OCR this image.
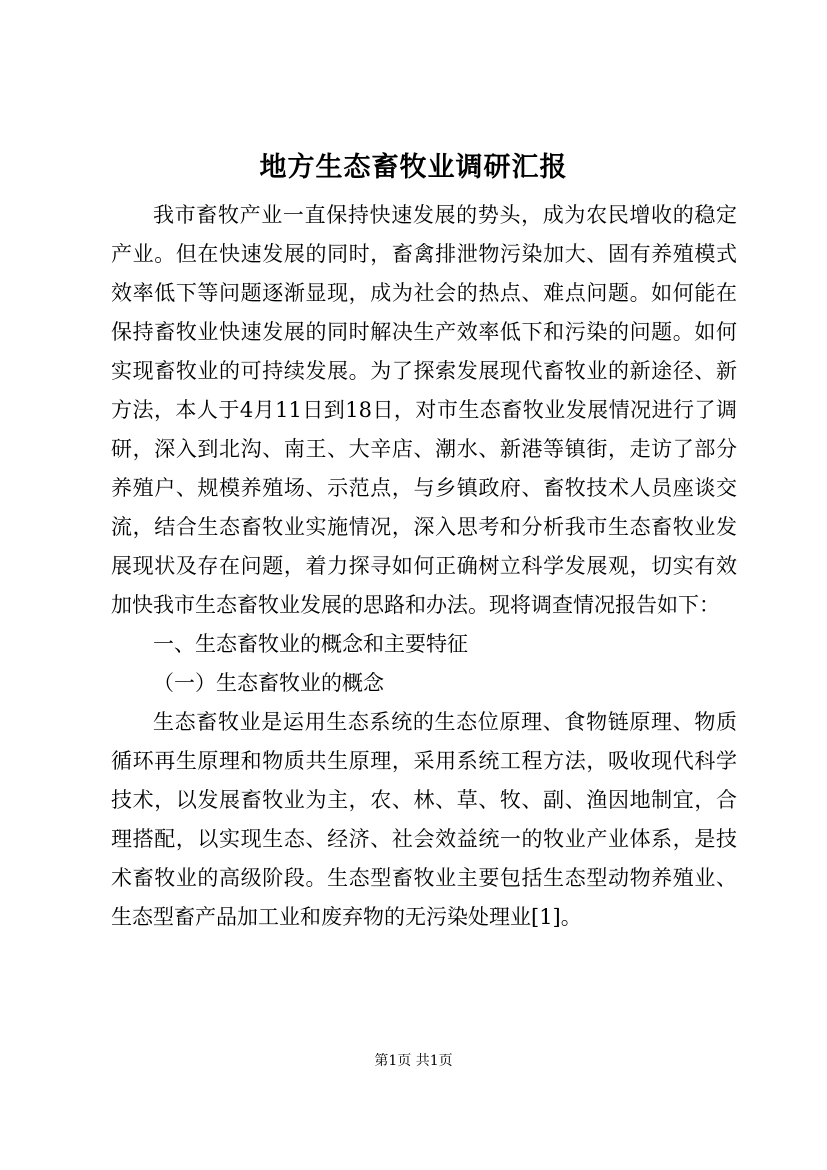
地方生态畜牧业调研汇报

我市畜牧产业一直保持快速发展的势头，成为农民增收的稳定产业。但在快速发展的同时，畜禽排泄物污染加大、固有养殖模式效率低下等问题逐渐显现，成为社会的热点、难点问题。如何能在保持畜牧业快速发展的同时解决生产效率低下和污染的问题。如何实现畜牧业的可持续发展。为了探索发展现代畜牧业的新途径、新方法，本人于4月11日到18日，对市生态畜牧业发展情况进行了调研，深入到北沟、南王、大辛店、潮水、新港等镇街，走访了部分养殖户、规模养殖场、示范点，与乡镇政府、畜牧技术人员座谈交流，结合生态畜牧业实施情况，深入思考和分析我市生态畜牧业发展现状及存在问题，着力探寻如何正确树立科学发展观，切实有效加快我市生态畜牧业发展的思路和办法。现将调查情况报告如下：

一、生态畜牧业的概念和主要特征

（一）生态畜牧业的概念

生态畜牧业是运用生态系统的生态位原理、食物链原理、物质循环再生原理和物质共生原理，采用系统工程方法，吸收现代科学技术，以发展畜牧业为主，农、林、草、牧、副、渔因地制宜，合理搭配，以实现生态、经济、社会效益统一的牧业产业体系，是技术畜牧业的高级阶段。生态型畜牧业主要包括生态型动物养殖业、生态型畜产品加工业和废弃物的无污染处理业[1]。

第1页 共1页
